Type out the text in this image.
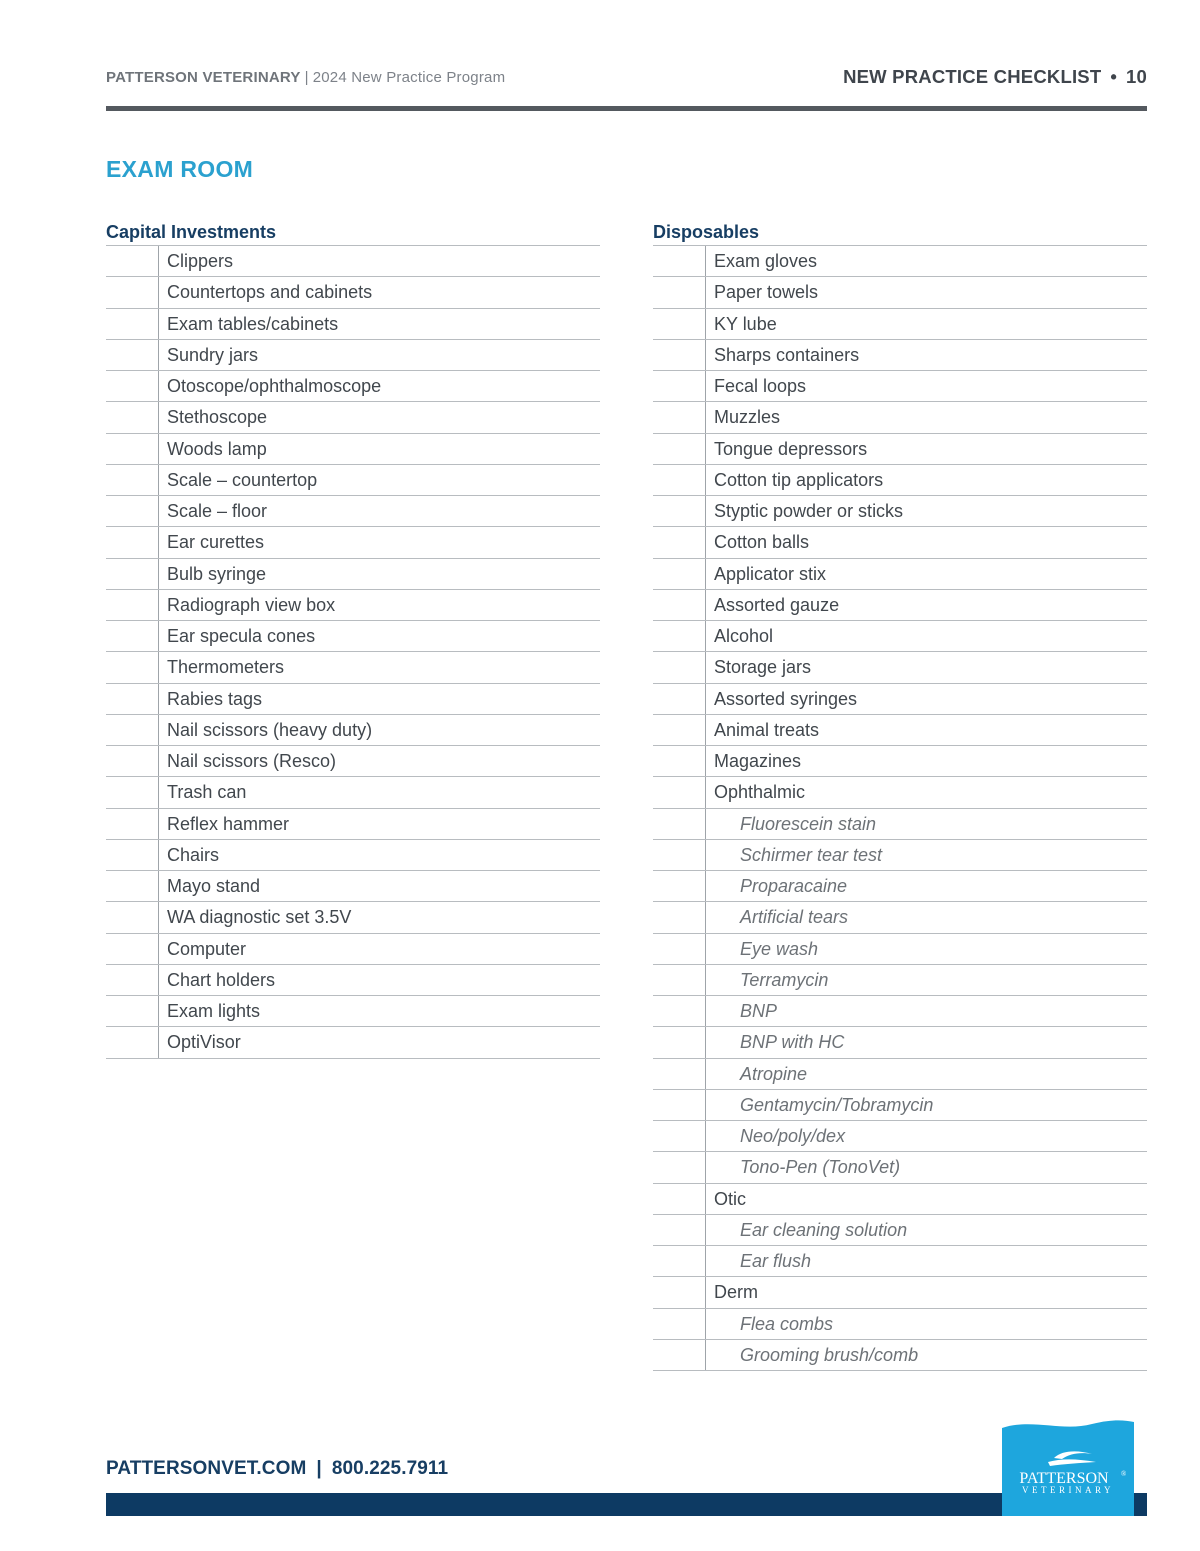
PATTERSON VETERINARY | 2024 New Practice Program	NEW PRACTICE CHECKLIST • 10
EXAM ROOM
Capital Investments
Clippers
Countertops and cabinets
Exam tables/cabinets
Sundry jars
Otoscope/ophthalmoscope
Stethoscope
Woods lamp
Scale – countertop
Scale – floor
Ear curettes
Bulb syringe
Radiograph view box
Ear specula cones
Thermometers
Rabies tags
Nail scissors (heavy duty)
Nail scissors (Resco)
Trash can
Reflex hammer
Chairs
Mayo stand
WA diagnostic set 3.5V
Computer
Chart holders
Exam lights
OptiVisor
Disposables
Exam gloves
Paper towels
KY lube
Sharps containers
Fecal loops
Muzzles
Tongue depressors
Cotton tip applicators
Styptic powder or sticks
Cotton balls
Applicator stix
Assorted gauze
Alcohol
Storage jars
Assorted syringes
Animal treats
Magazines
Ophthalmic
Fluorescein stain
Schirmer tear test
Proparacaine
Artificial tears
Eye wash
Terramycin
BNP
BNP with HC
Atropine
Gentamycin/Tobramycin
Neo/poly/dex
Tono-Pen (TonoVet)
Otic
Ear cleaning solution
Ear flush
Derm
Flea combs
Grooming brush/comb
PATTERSONVET.COM | 800.225.7911	PATTERSON ®
VETERINARY
